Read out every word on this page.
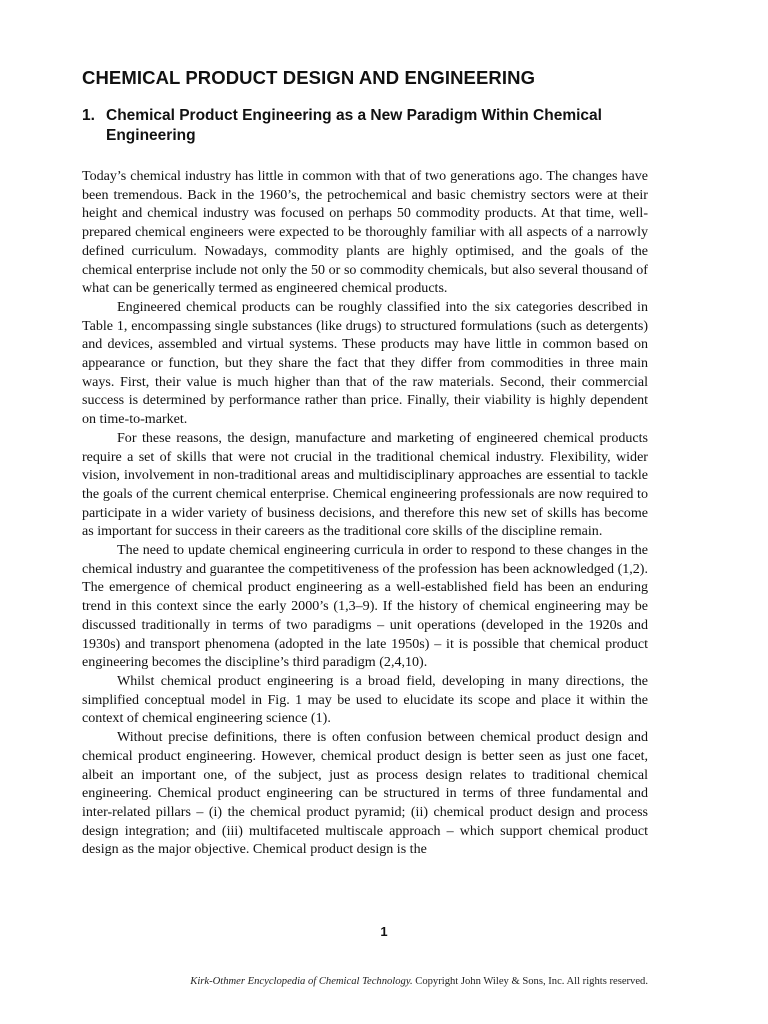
CHEMICAL PRODUCT DESIGN AND ENGINEERING
1. Chemical Product Engineering as a New Paradigm Within Chemical Engineering

Today’s chemical industry has little in common with that of two generations ago. The changes have been tremendous. Back in the 1960’s, the petrochemical and basic chemistry sectors were at their height and chemical industry was focused on perhaps 50 commodity products. At that time, well-prepared chemical engineers were expected to be thoroughly familiar with all aspects of a narrowly defined curriculum. Nowadays, commodity plants are highly optimised, and the goals of the chemical enterprise include not only the 50 or so commodity chemicals, but also several thousand of what can be generically termed as engineered chemical products.

Engineered chemical products can be roughly classified into the six categories described in Table 1, encompassing single substances (like drugs) to structured formulations (such as detergents) and devices, assembled and virtual systems. These products may have little in common based on appearance or function, but they share the fact that they differ from commodities in three main ways. First, their value is much higher than that of the raw materials. Second, their commercial success is determined by performance rather than price. Finally, their viability is highly dependent on time-to-market.

For these reasons, the design, manufacture and marketing of engineered chemical products require a set of skills that were not crucial in the traditional chemical industry. Flexibility, wider vision, involvement in non-traditional areas and multidisciplinary approaches are essential to tackle the goals of the current chemical enterprise. Chemical engineering professionals are now required to participate in a wider variety of business decisions, and therefore this new set of skills has become as important for success in their careers as the traditional core skills of the discipline remain.

The need to update chemical engineering curricula in order to respond to these changes in the chemical industry and guarantee the competitiveness of the profession has been acknowledged (1,2). The emergence of chemical product engineering as a well-established field has been an enduring trend in this context since the early 2000’s (1,3–9). If the history of chemical engineering may be discussed traditionally in terms of two paradigms – unit operations (developed in the 1920s and 1930s) and transport phenomena (adopted in the late 1950s) – it is possible that chemical product engineering becomes the discipline’s third paradigm (2,4,10).

Whilst chemical product engineering is a broad field, developing in many directions, the simplified conceptual model in Fig. 1 may be used to elucidate its scope and place it within the context of chemical engineering science (1).

Without precise definitions, there is often confusion between chemical product design and chemical product engineering. However, chemical product design is better seen as just one facet, albeit an important one, of the subject, just as process design relates to traditional chemical engineering. Chemical product engineering can be structured in terms of three fundamental and inter-related pillars – (i) the chemical product pyramid; (ii) chemical product design and process design integration; and (iii) multifaceted multiscale approach – which support chemical product design as the major objective. Chemical product design is the

1
Kirk-Othmer Encyclopedia of Chemical Technology. Copyright John Wiley & Sons, Inc. All rights reserved.
